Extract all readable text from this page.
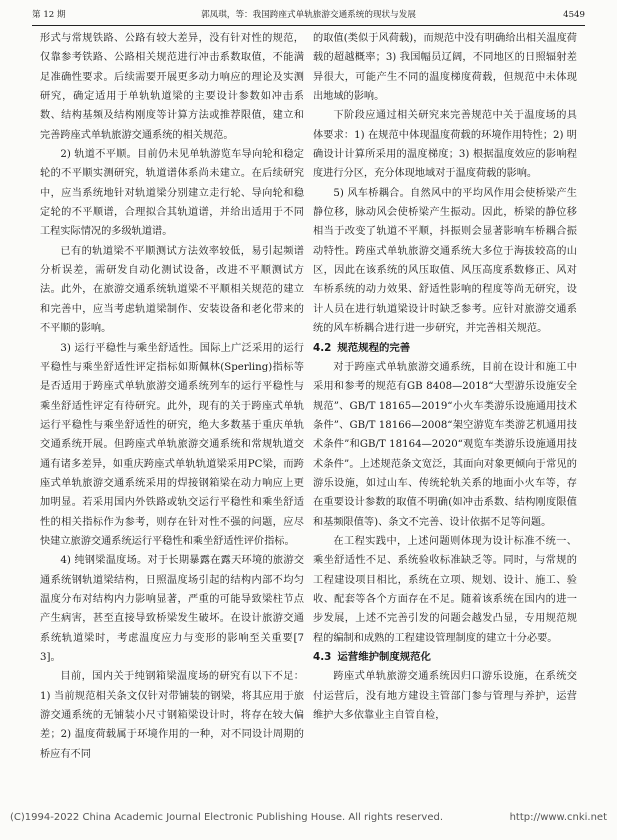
第 12 期	郭凤琪，等：我国跨座式单轨旅游交通系统的现状与发展	4549

形式与常规铁路、公路有较大差异，没有针对性的规范，仅靠参考铁路、公路相关规范进行冲击系数取值，不能满足准确性要求。后续需要开展更多动力响应的理论及实测研究，确定适用于单轨轨道梁的主要设计参数如冲击系数、结构基频及结构刚度等计算方法或推荐限值，建立和完善跨座式单轨旅游交通系统的相关规范。

2) 轨道不平顺。目前仍未见单轨游览车导向轮和稳定轮的不平顺实测研究，轨道谱体系尚未建立。在后续研究中，应当系统地针对轨道梁分别建立走行轮、导向轮和稳定轮的不平顺谱，合理拟合其轨道谱，并给出适用于不同工程实际情况的多级轨道谱。

已有的轨道梁不平顺测试方法效率较低，易引起频谱分析误差，需研发自动化测试设备，改进不平顺测试方法。此外，在旅游交通系统轨道梁不平顺相关规范的建立和完善中，应当考虑轨道梁制作、安装设备和老化带来的不平顺的影响。

3) 运行平稳性与乘坐舒适性。国际上广泛采用的运行平稳性与乘坐舒适性评定指标如斯佩林(Sperling)指标等是否适用于跨座式单轨旅游交通系统列车的运行平稳性与乘坐舒适性评定有待研究。此外，现有的关于跨座式单轨运行平稳性与乘坐舒适性的研究，绝大多数基于重庆单轨交通系统开展。但跨座式单轨旅游交通系统和常规轨道交通有诸多差异，如重庆跨座式单轨轨道梁采用PC梁，而跨座式单轨旅游交通系统采用的焊接钢箱梁在动力响应上更加明显。若采用国内外铁路或轨交运行平稳性和乘坐舒适性的相关指标作为参考，则存在针对性不强的问题，应尽快建立旅游交通系统运行平稳性和乘坐舒适性评价指标。

4) 纯钢梁温度场。对于长期暴露在露天环境的旅游交通系统钢轨道梁结构，日照温度场引起的结构内部不均匀温度分布对结构内力影响显著，严重的可能导致梁柱节点产生病害，甚至直接导致桥梁发生破坏。在设计旅游交通系统轨道梁时，考虑温度应力与变形的影响至关重要[73]。

目前，国内关于纯钢箱梁温度场的研究有以下不足：1) 当前规范相关条文仅针对带铺装的钢梁，将其应用于旅游交通系统的无铺装小尺寸钢箱梁设计时，将存在较大偏差；2) 温度荷载属于环境作用的一种，对不同设计周期的桥应有不同

的取值(类似于风荷载)，而规范中没有明确给出相关温度荷载的超越概率；3) 我国幅员辽阔，不同地区的日照辐射差异很大，可能产生不同的温度梯度荷载，但规范中未体现出地域的影响。

下阶段应通过相关研究来完善规范中关于温度场的具体要求：1) 在规范中体现温度荷载的环境作用特性；2) 明确设计计算所采用的温度梯度；3) 根据温度效应的影响程度进行分区，充分体现地域对于温度荷载的影响。

5) 风车桥耦合。自然风中的平均风作用会使桥梁产生静位移，脉动风会使桥梁产生振动。因此，桥梁的静位移相当于改变了轨道不平顺，抖振则会显著影响车桥耦合振动特性。跨座式单轨旅游交通系统大多位于海拔较高的山区，因此在该系统的风压取值、风压高度系数修正、风对车桥系统的动力效果、舒适性影响的程度等尚无研究，设计人员在进行轨道梁设计时缺乏参考。应针对旅游交通系统的风车桥耦合进行进一步研究，并完善相关规范。

4.2 规范规程的完善

对于跨座式单轨旅游交通系统，目前在设计和施工中采用和参考的规范有GB 8408—2018“大型游乐设施安全规范”、GB/T 18165—2019“小火车类游乐设施通用技术条件”、GB/T 18166—2008“架空游览车类游艺机通用技术条件”和GB/T 18164—2020“观览车类游乐设施通用技术条件”。上述规范条文宽泛，其面向对象更倾向于常见的游乐设施，如过山车、传统轮轨关系的地面小火车等，存在重要设计参数的取值不明确(如冲击系数、结构刚度限值和基频限值等)、条文不完善、设计依据不足等问题。

在工程实践中，上述问题则体现为设计标准不统一、乘坐舒适性不足、系统验收标准缺乏等。同时，与常规的工程建设项目相比，系统在立项、规划、设计、施工、验收、配套等各个方面存在不足。随着该系统在国内的进一步发展，上述不完善引发的问题会越发凸显，专用规范规程的编制和成熟的工程建设管理制度的建立十分必要。

4.3 运营维护制度规范化

跨座式单轨旅游交通系统因归口游乐设施，在系统交付运营后，没有地方建设主管部门参与管理与养护，运营维护大多依靠业主自管自检，

(C)1994-2022 China Academic Journal Electronic Publishing House. All rights reserved.	http://www.cnki.net
